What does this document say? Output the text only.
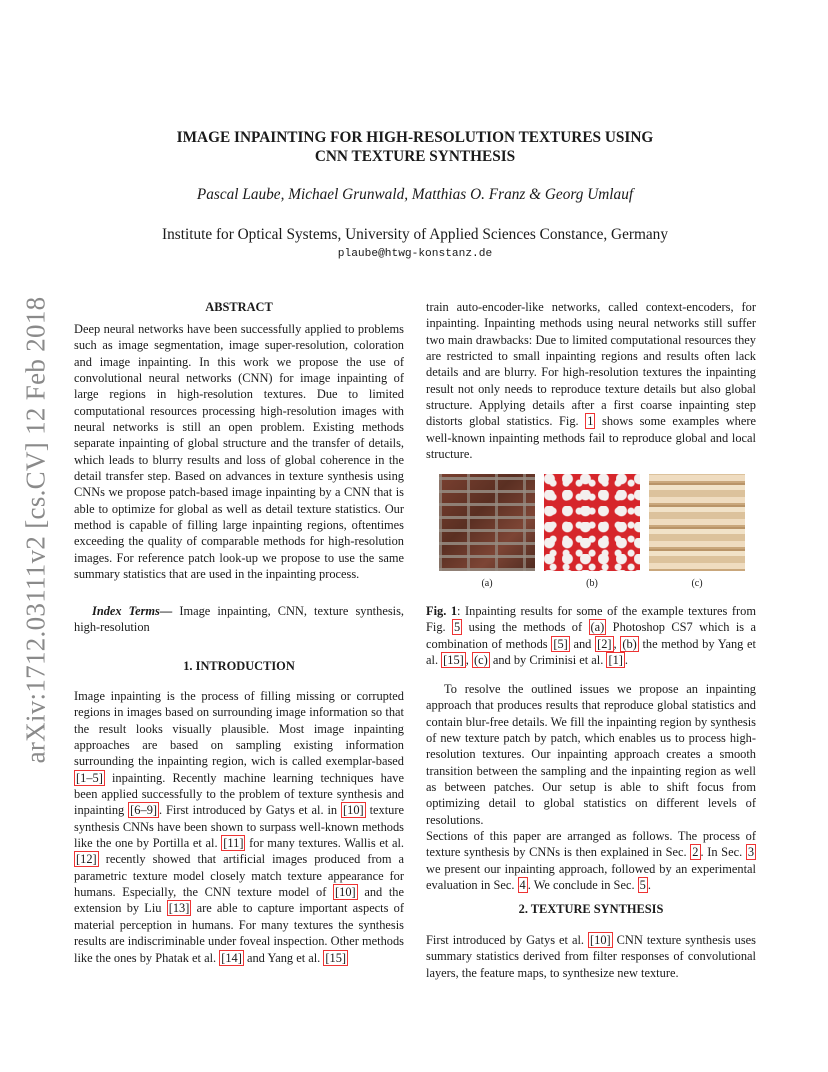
arXiv:1712.03111v2 [cs.CV] 12 Feb 2018
IMAGE INPAINTING FOR HIGH-RESOLUTION TEXTURES USING
CNN TEXTURE SYNTHESIS
Pascal Laube, Michael Grunwald, Matthias O. Franz & Georg Umlauf
Institute for Optical Systems, University of Applied Sciences Constance, Germany
plaube@htwg-konstanz.de
ABSTRACT

Deep neural networks have been successfully applied to problems such as image segmentation, image super-resolution, coloration and image inpainting. In this work we propose the use of convolutional neural networks (CNN) for image inpainting of large regions in high-resolution textures. Due to limited computational resources processing high-resolution images with neural networks is still an open problem. Existing methods separate inpainting of global structure and the transfer of details, which leads to blurry results and loss of global coherence in the detail transfer step. Based on advances in texture synthesis using CNNs we propose patch-based image inpainting by a CNN that is able to optimize for global as well as detail texture statistics. Our method is capable of filling large inpainting regions, oftentimes exceeding the quality of comparable methods for high-resolution images. For reference patch look-up we propose to use the same summary statistics that are used in the inpainting process.

Index Terms— Image inpainting, CNN, texture synthesis, high-resolution
1. INTRODUCTION

Image inpainting is the process of filling missing or corrupted regions in images based on surrounding image information so that the result looks visually plausible. Most image inpainting approaches are based on sampling existing information surrounding the inpainting region, wich is called exemplar-based [1–5] inpainting. Recently machine learning techniques have been applied successfully to the problem of texture synthesis and inpainting [6–9] . First introduced by Gatys et al. in [10] texture synthesis CNNs have been shown to surpass well-known methods like the one by Portilla et al. [11] for many textures. Wallis et al. [12] recently showed that artificial images produced from a parametric texture model closely match texture appearance for humans. Especially, the CNN texture model of [10] and the extension by Liu [13] are able to capture important aspects of material perception in humans. For many textures the synthesis results are indiscriminable under foveal inspection. Other methods like the ones by Phatak et al. [14] and Yang et al. [15]

train auto-encoder-like networks, called context-encoders, for inpainting. Inpainting methods using neural networks still suffer two main drawbacks: Due to limited computational resources they are restricted to small inpainting regions and results often lack details and are blurry. For high-resolution textures the inpainting result not only needs to reproduce texture details but also global structure. Applying details after a first coarse inpainting step distorts global statistics. Fig. 1 shows some examples where well-known inpainting methods fail to reproduce global and local structure.

(a)	(b)	(c)

Fig. 1: Inpainting results for some of the example textures from Fig. 5 using the methods of (a) Photoshop CS7 which is a combination of methods [5] and [2] , (b) the method by Yang et al. [15] , (c) and by Criminisi et al. [1] .

To resolve the outlined issues we propose an inpainting approach that produces results that reproduce global statistics and contain blur-free details. We fill the inpainting region by synthesis of new texture patch by patch, which enables us to process high-resolution textures. Our inpainting approach creates a smooth transition between the sampling and the inpainting region as well as between patches. Our setup is able to shift focus from optimizing detail to global statistics on different levels of resolutions.

Sections of this paper are arranged as follows. The process of texture synthesis by CNNs is then explained in Sec. 2 . In Sec. 3 we present our inpainting approach, followed by an experimental evaluation in Sec. 4 . We conclude in Sec. 5 .

2. TEXTURE SYNTHESIS

First introduced by Gatys et al. [10] CNN texture synthesis uses summary statistics derived from filter responses of convolutional layers, the feature maps, to synthesize new texture.
